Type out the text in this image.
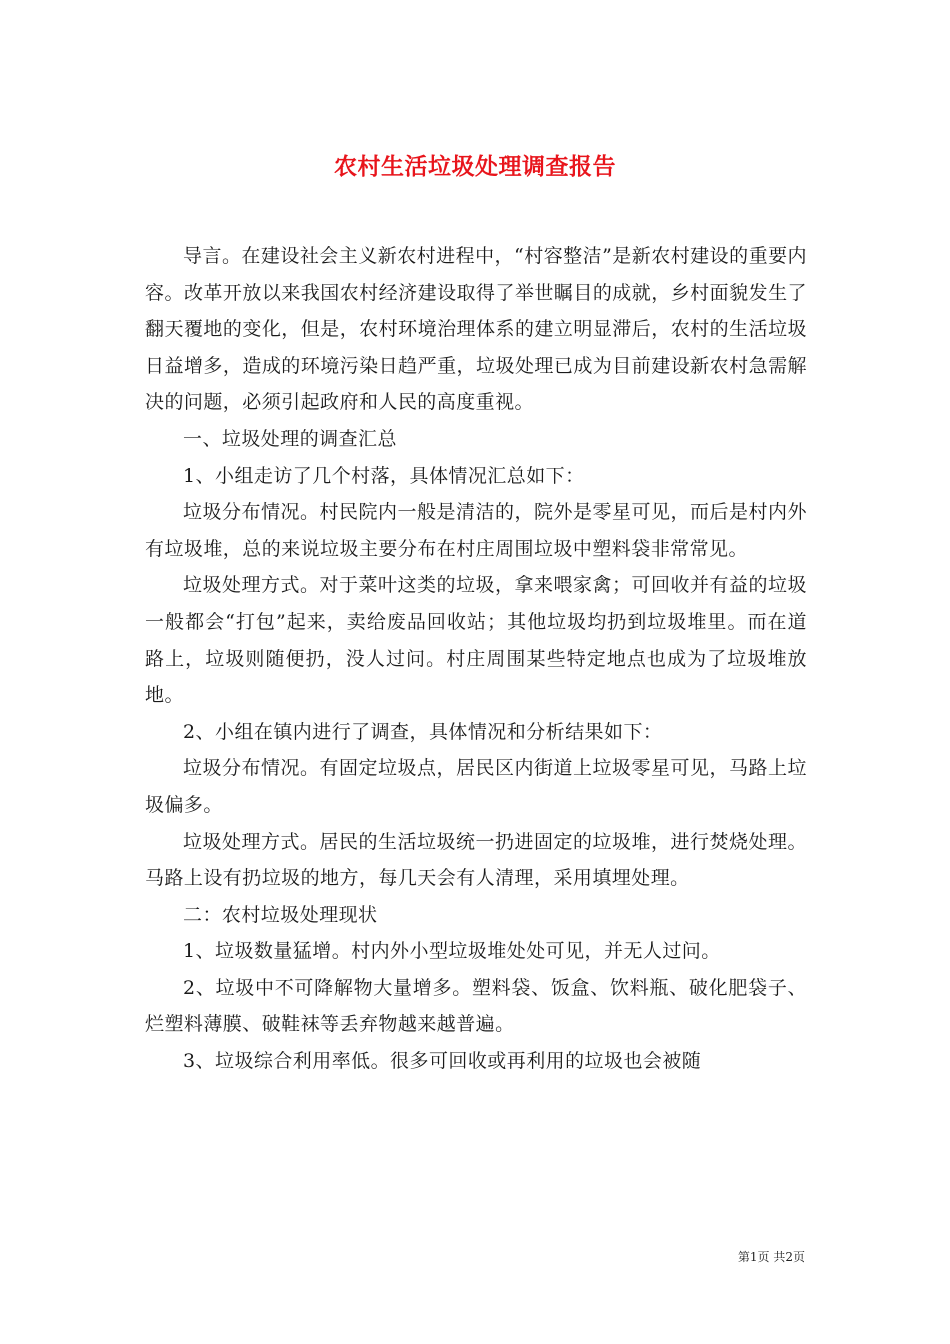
农村生活垃圾处理调查报告

导言。在建设社会主义新农村进程中，“村容整洁”是新农村建设的重要内容。改革开放以来我国农村经济建设取得了举世瞩目的成就，乡村面貌发生了翻天覆地的变化，但是，农村环境治理体系的建立明显滞后，农村的生活垃圾日益增多，造成的环境污染日趋严重，垃圾处理已成为目前建设新农村急需解决的问题，必须引起政府和人民的高度重视。

一、垃圾处理的调查汇总

1、小组走访了几个村落，具体情况汇总如下：

垃圾分布情况。村民院内一般是清洁的，院外是零星可见，而后是村内外有垃圾堆，总的来说垃圾主要分布在村庄周围垃圾中塑料袋非常常见。

垃圾处理方式。对于菜叶这类的垃圾，拿来喂家禽；可回收并有益的垃圾一般都会“打包”起来，卖给废品回收站；其他垃圾均扔到垃圾堆里。而在道路上，垃圾则随便扔，没人过问。村庄周围某些特定地点也成为了垃圾堆放地。

2、小组在镇内进行了调查，具体情况和分析结果如下：

垃圾分布情况。有固定垃圾点，居民区内街道上垃圾零星可见，马路上垃圾偏多。

垃圾处理方式。居民的生活垃圾统一扔进固定的垃圾堆，进行焚烧处理。马路上设有扔垃圾的地方，每几天会有人清理，采用填埋处理。

二：农村垃圾处理现状

1、垃圾数量猛增。村内外小型垃圾堆处处可见，并无人过问。

2、垃圾中不可降解物大量增多。塑料袋、饭盒、饮料瓶、破化肥袋子、烂塑料薄膜、破鞋袜等丢弃物越来越普遍。

3、垃圾综合利用率低。很多可回收或再利用的垃圾也会被随

第1页 共2页
